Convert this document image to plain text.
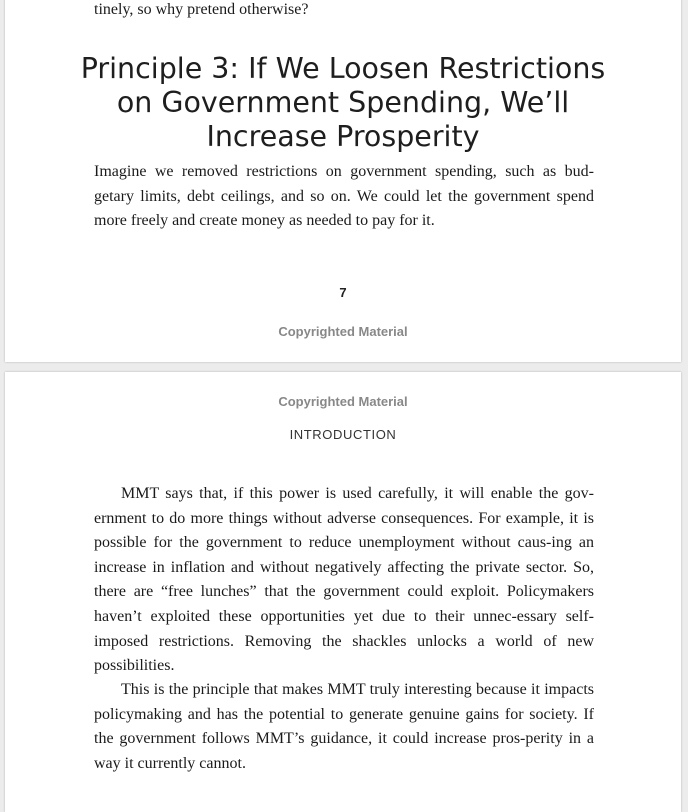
tinely, so why pretend otherwise?

Principle 3: If We Loosen Restrictions on Government Spending, We’ll Increase Prosperity

Imagine we removed restrictions on government spending, such as bud-getary limits, debt ceilings, and so on. We could let the government spend more freely and create money as needed to pay for it.

7

Copyrighted Material

Copyrighted Material

INTRODUCTION

MMT says that, if this power is used carefully, it will enable the gov-ernment to do more things without adverse consequences. For example, it is possible for the government to reduce unemployment without caus-ing an increase in inflation and without negatively affecting the private sector. So, there are “free lunches” that the government could exploit. Policymakers haven’t exploited these opportunities yet due to their unnec-essary self-imposed restrictions. Removing the shackles unlocks a world of new possibilities.

This is the principle that makes MMT truly interesting because it impacts policymaking and has the potential to generate genuine gains for society. If the government follows MMT’s guidance, it could increase pros-perity in a way it currently cannot.
